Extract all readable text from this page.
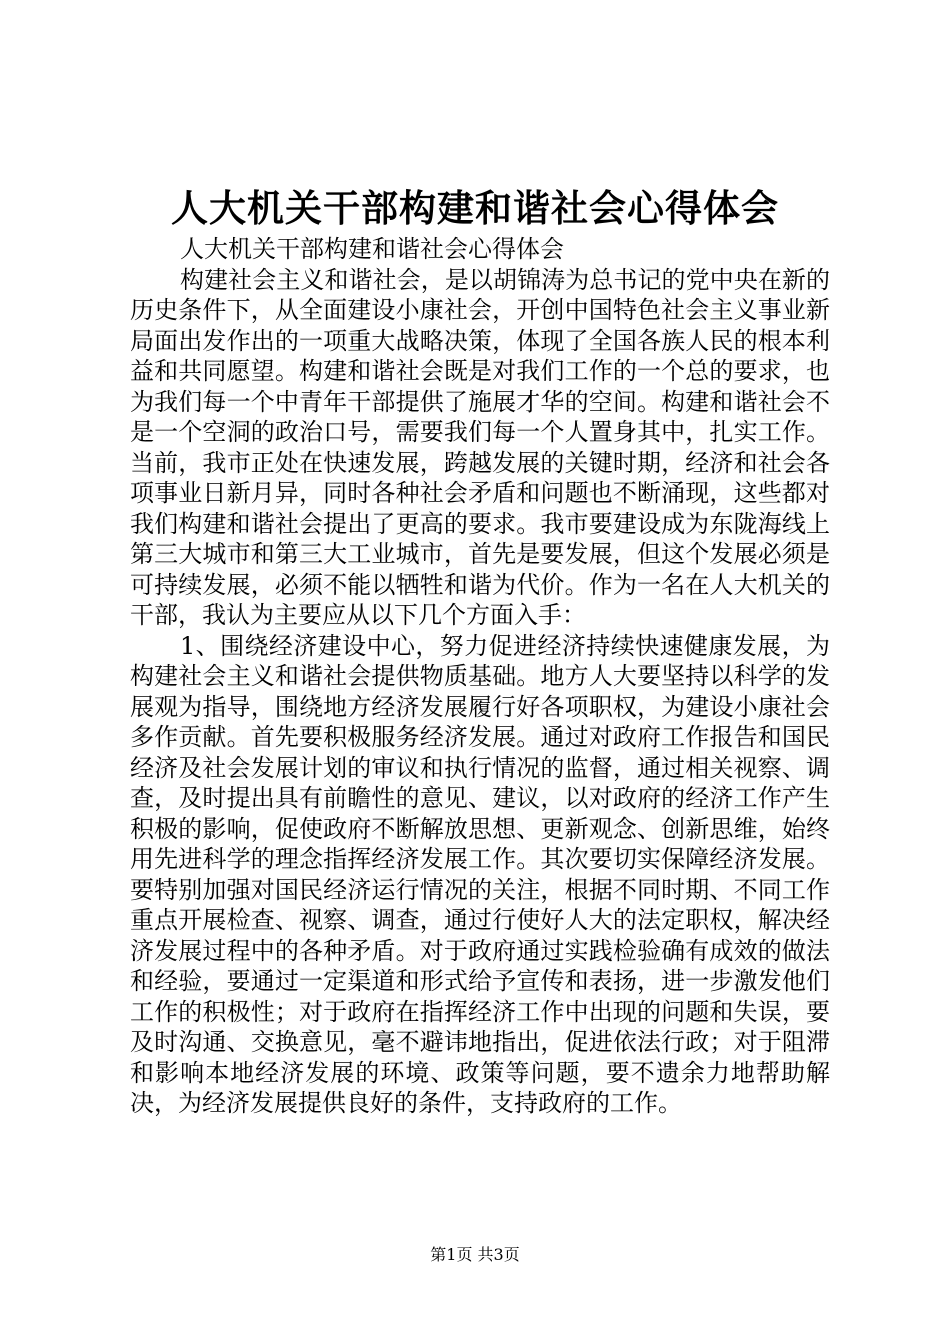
人大机关干部构建和谐社会心得体会

人大机关干部构建和谐社会心得体会

构建社会主义和谐社会，是以胡锦涛为总书记的党中央在新的历史条件下，从全面建设小康社会，开创中国特色社会主义事业新局面出发作出的一项重大战略决策，体现了全国各族人民的根本利益和共同愿望。构建和谐社会既是对我们工作的一个总的要求，也为我们每一个中青年干部提供了施展才华的空间。构建和谐社会不是一个空洞的政治口号，需要我们每一个人置身其中，扎实工作。当前，我市正处在快速发展，跨越发展的关键时期，经济和社会各项事业日新月异，同时各种社会矛盾和问题也不断涌现，这些都对我们构建和谐社会提出了更高的要求。我市要建设成为东陇海线上第三大城市和第三大工业城市，首先是要发展，但这个发展必须是可持续发展，必须不能以牺牲和谐为代价。作为一名在人大机关的干部，我认为主要应从以下几个方面入手：

1、围绕经济建设中心，努力促进经济持续快速健康发展，为构建社会主义和谐社会提供物质基础。地方人大要坚持以科学的发展观为指导，围绕地方经济发展履行好各项职权，为建设小康社会多作贡献。首先要积极服务经济发展。通过对政府工作报告和国民经济及社会发展计划的审议和执行情况的监督，通过相关视察、调查，及时提出具有前瞻性的意见、建议，以对政府的经济工作产生积极的影响，促使政府不断解放思想、更新观念、创新思维，始终用先进科学的理念指挥经济发展工作。其次要切实保障经济发展。要特别加强对国民经济运行情况的关注，根据不同时期、不同工作重点开展检查、视察、调查，通过行使好人大的法定职权，解决经济发展过程中的各种矛盾。对于政府通过实践检验确有成效的做法和经验，要通过一定渠道和形式给予宣传和表扬，进一步激发他们工作的积极性；对于政府在指挥经济工作中出现的问题和失误，要及时沟通、交换意见，毫不避讳地指出，促进依法行政；对于阻滞和影响本地经济发展的环境、政策等问题，要不遗余力地帮助解决，为经济发展提供良好的条件，支持政府的工作。

第1页 共3页
